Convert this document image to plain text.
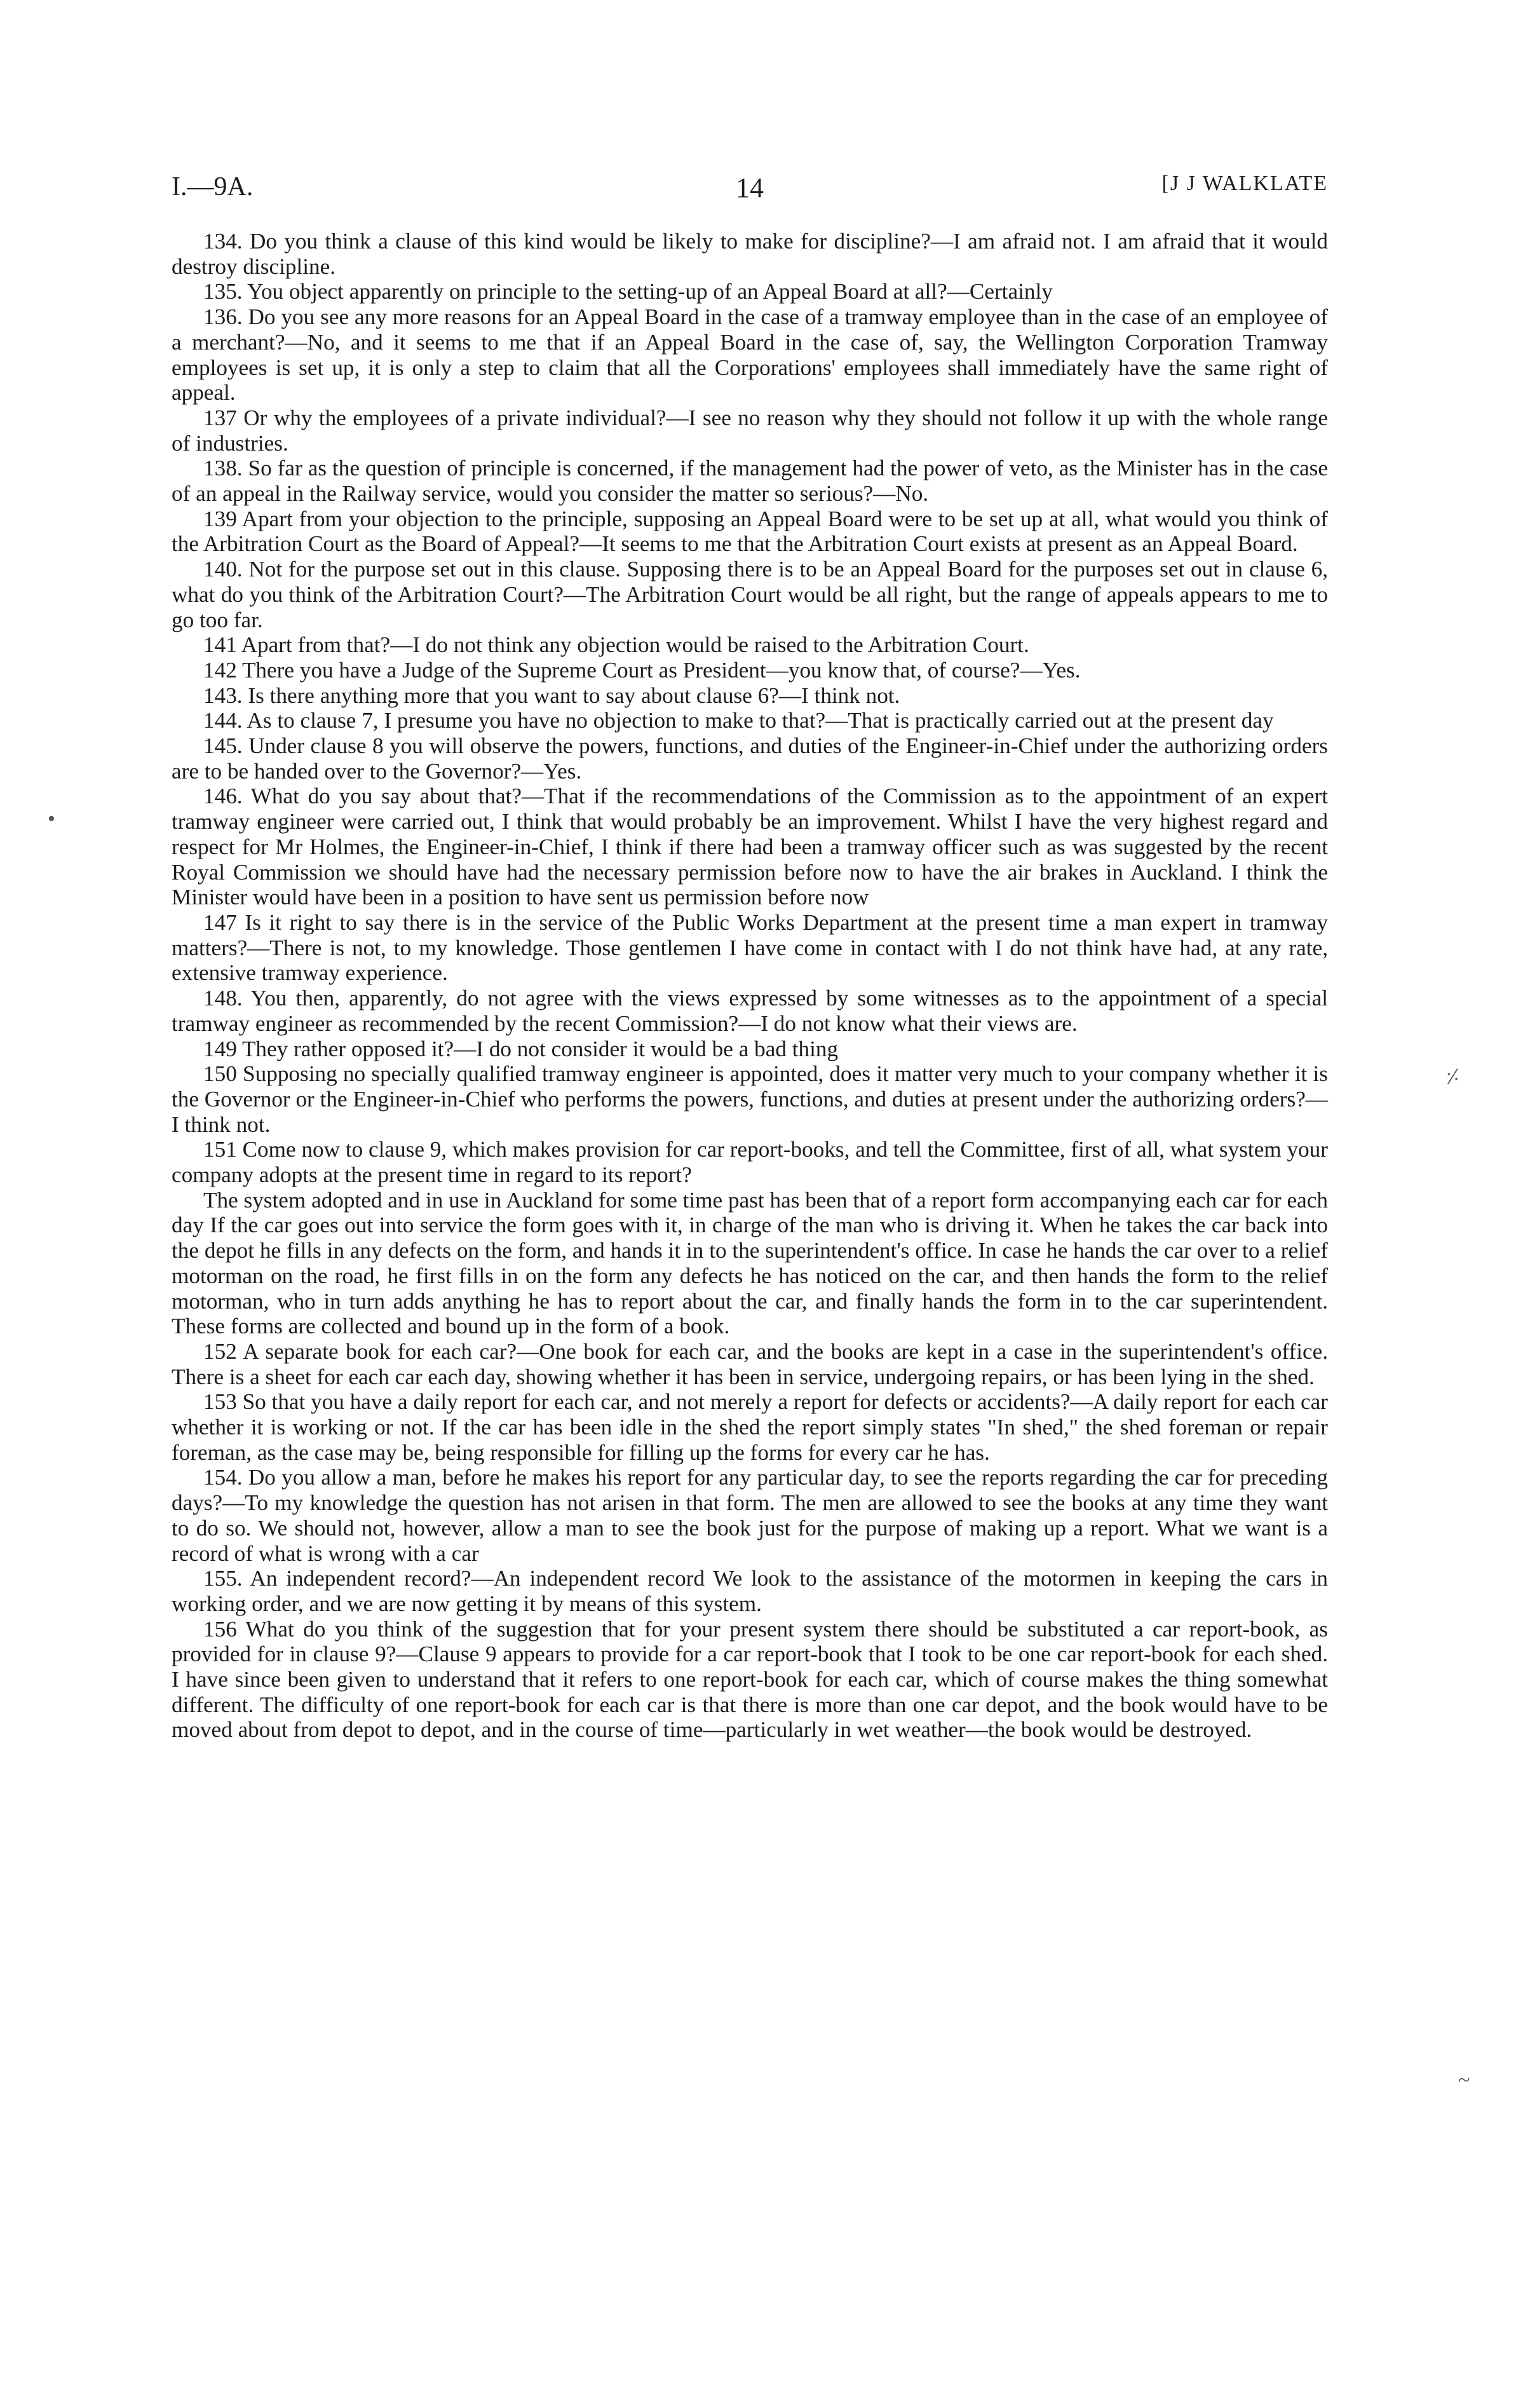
I.—9A.	14	[J J WALKLATE

134. Do you think a clause of this kind would be likely to make for discipline?—I am afraid not. I am afraid that it would destroy discipline.

135. You object apparently on principle to the setting-up of an Appeal Board at all?—Certainly

136. Do you see any more reasons for an Appeal Board in the case of a tramway employee than in the case of an employee of a merchant?—No, and it seems to me that if an Appeal Board in the case of, say, the Wellington Corporation Tramway employees is set up, it is only a step to claim that all the Corporations' employees shall immediately have the same right of appeal.

137 Or why the employees of a private individual?—I see no reason why they should not follow it up with the whole range of industries.

138. So far as the question of principle is concerned, if the management had the power of veto, as the Minister has in the case of an appeal in the Railway service, would you consider the matter so serious?—No.

139 Apart from your objection to the principle, supposing an Appeal Board were to be set up at all, what would you think of the Arbitration Court as the Board of Appeal?—It seems to me that the Arbitration Court exists at present as an Appeal Board.

140. Not for the purpose set out in this clause. Supposing there is to be an Appeal Board for the purposes set out in clause 6, what do you think of the Arbitration Court?—The Arbitration Court would be all right, but the range of appeals appears to me to go too far.

141 Apart from that?—I do not think any objection would be raised to the Arbitration Court.

142 There you have a Judge of the Supreme Court as President—you know that, of course?—Yes.

143. Is there anything more that you want to say about clause 6?—I think not.

144. As to clause 7, I presume you have no objection to make to that?—That is practically carried out at the present day

145. Under clause 8 you will observe the powers, functions, and duties of the Engineer-in-Chief under the authorizing orders are to be handed over to the Governor?—Yes.

146. What do you say about that?—That if the recommendations of the Commission as to the appointment of an expert tramway engineer were carried out, I think that would probably be an improvement. Whilst I have the very highest regard and respect for Mr Holmes, the Engineer-in-Chief, I think if there had been a tramway officer such as was suggested by the recent Royal Commission we should have had the necessary permission before now to have the air brakes in Auckland. I think the Minister would have been in a position to have sent us permission before now

147 Is it right to say there is in the service of the Public Works Department at the present time a man expert in tramway matters?—There is not, to my knowledge. Those gentlemen I have come in contact with I do not think have had, at any rate, extensive tramway experience.

148. You then, apparently, do not agree with the views expressed by some witnesses as to the appointment of a special tramway engineer as recommended by the recent Commission?—I do not know what their views are.

149 They rather opposed it?—I do not consider it would be a bad thing

150 Supposing no specially qualified tramway engineer is appointed, does it matter very much to your company whether it is the Governor or the Engineer-in-Chief who performs the powers, functions, and duties at present under the authorizing orders?—I think not.

151 Come now to clause 9, which makes provision for car report-books, and tell the Committee, first of all, what system your company adopts at the present time in regard to its report?

The system adopted and in use in Auckland for some time past has been that of a report form accompanying each car for each day If the car goes out into service the form goes with it, in charge of the man who is driving it. When he takes the car back into the depot he fills in any defects on the form, and hands it in to the superintendent's office. In case he hands the car over to a relief motorman on the road, he first fills in on the form any defects he has noticed on the car, and then hands the form to the relief motorman, who in turn adds anything he has to report about the car, and finally hands the form in to the car superintendent. These forms are collected and bound up in the form of a book.

152 A separate book for each car?—One book for each car, and the books are kept in a case in the superintendent's office. There is a sheet for each car each day, showing whether it has been in service, undergoing repairs, or has been lying in the shed.

153 So that you have a daily report for each car, and not merely a report for defects or accidents?—A daily report for each car whether it is working or not. If the car has been idle in the shed the report simply states "In shed," the shed foreman or repair foreman, as the case may be, being responsible for filling up the forms for every car he has.

154. Do you allow a man, before he makes his report for any particular day, to see the reports regarding the car for preceding days?—To my knowledge the question has not arisen in that form. The men are allowed to see the books at any time they want to do so. We should not, however, allow a man to see the book just for the purpose of making up a report. What we want is a record of what is wrong with a car

155. An independent record?—An independent record We look to the assistance of the motormen in keeping the cars in working order, and we are now getting it by means of this system.

156 What do you think of the suggestion that for your present system there should be substituted a car report-book, as provided for in clause 9?—Clause 9 appears to provide for a car report-book that I took to be one car report-book for each shed. I have since been given to understand that it refers to one report-book for each car, which of course makes the thing somewhat different. The difficulty of one report-book for each car is that there is more than one car depot, and the book would have to be moved about from depot to depot, and in the course of time—particularly in wet weather—the book would be destroyed.

•
⸓
~
